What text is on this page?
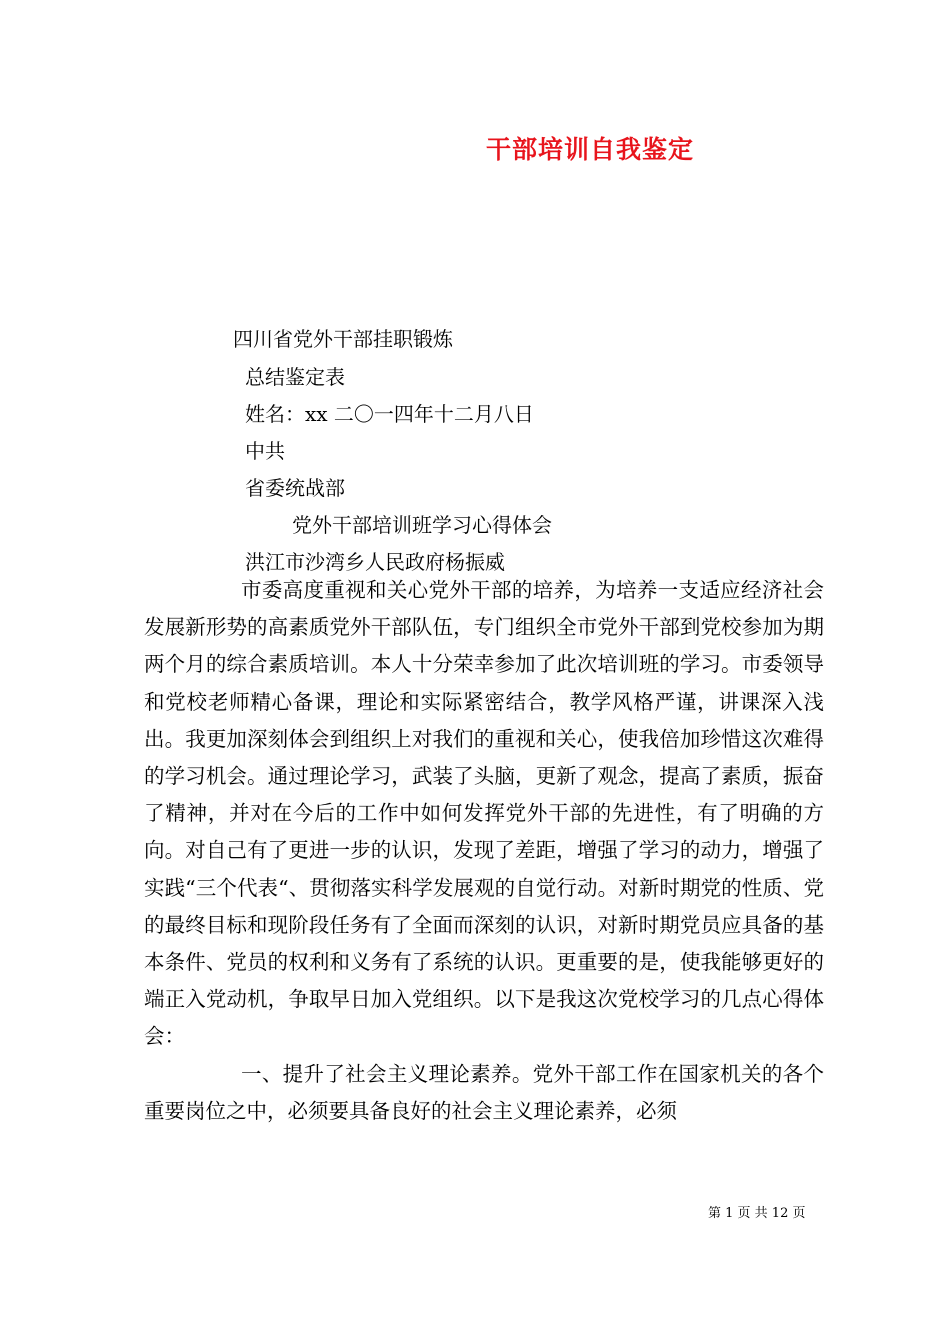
干部培训自我鉴定
四川省党外干部挂职锻炼
总结鉴定表
姓名：xx 二〇一四年十二月八日
中共
省委统战部
党外干部培训班学习心得体会
洪江市沙湾乡人民政府杨振威

市委高度重视和关心党外干部的培养，为培养一支适应经济社会发展新形势的高素质党外干部队伍，专门组织全市党外干部到党校参加为期两个月的综合素质培训。本人十分荣幸参加了此次培训班的学习。市委领导和党校老师精心备课，理论和实际紧密结合，教学风格严谨，讲课深入浅出。我更加深刻体会到组织上对我们的重视和关心，使我倍加珍惜这次难得的学习机会。通过理论学习，武装了头脑，更新了观念，提高了素质，振奋了精神，并对在今后的工作中如何发挥党外干部的先进性，有了明确的方向。对自己有了更进一步的认识，发现了差距，增强了学习的动力，增强了实践“三个代表“、贯彻落实科学发展观的自觉行动。对新时期党的性质、党的最终目标和现阶段任务有了全面而深刻的认识，对新时期党员应具备的基本条件、党员的权利和义务有了系统的认识。更重要的是，使我能够更好的端正入党动机，争取早日加入党组织。以下是我这次党校学习的几点心得体会：

一、提升了社会主义理论素养。党外干部工作在国家机关的各个重要岗位之中，必须要具备良好的社会主义理论素养，必须

第 1 页 共 12 页
